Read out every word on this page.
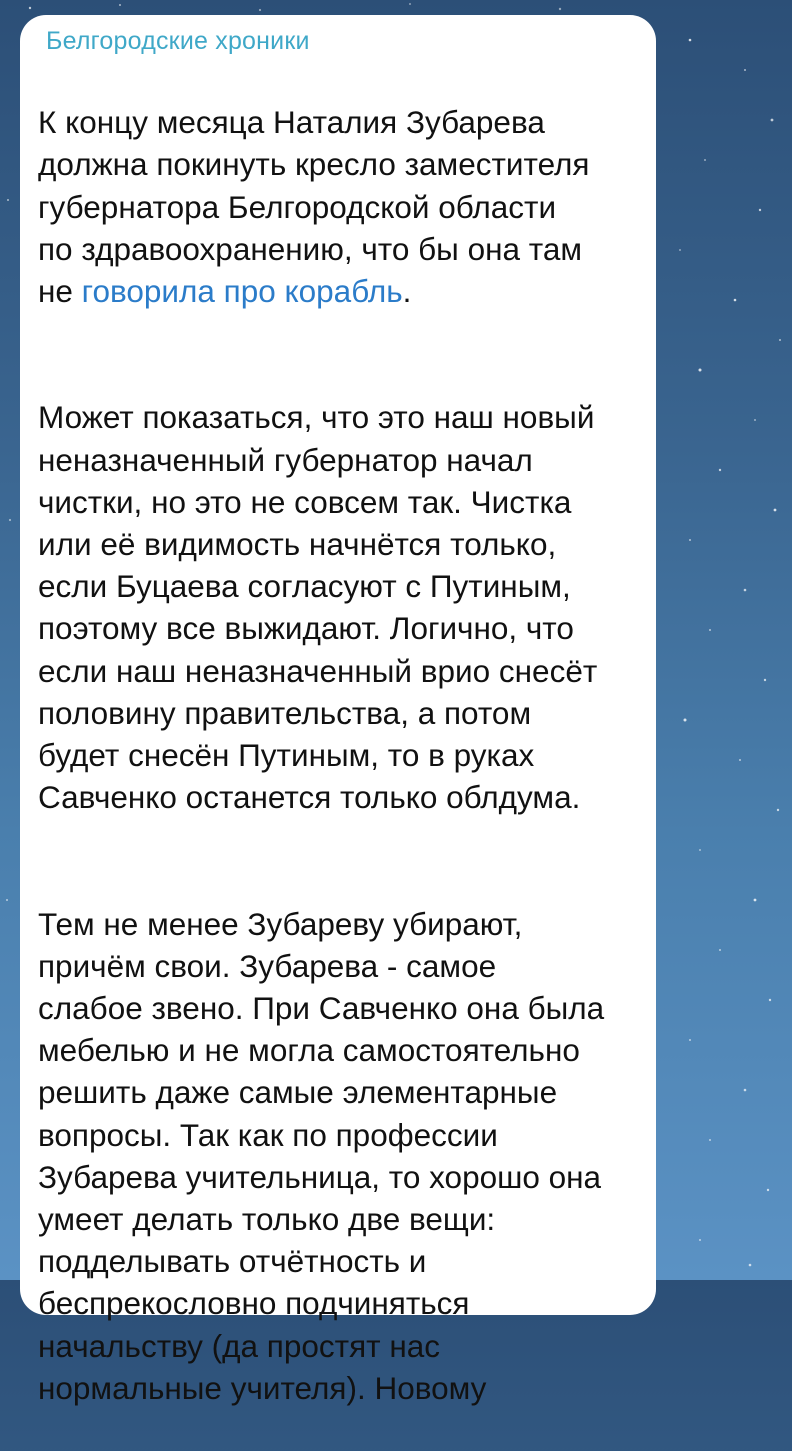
Белгородские хроники

К концу месяца Наталия Зубарева
должна покинуть кресло заместителя
губернатора Белгородской области
по здравоохранению, что бы она там
не говорила про корабль.

Может показаться, что это наш новый
неназначенный губернатор начал
чистки, но это не совсем так. Чистка
или её видимость начнётся только,
если Буцаева согласуют с Путиным,
поэтому все выжидают. Логично, что
если наш неназначенный врио снесёт
половину правительства, а потом
будет снесён Путиным, то в руках
Савченко останется только облдума.

Тем не менее Зубареву убирают,
причём свои. Зубарева - самое
слабое звено. При Савченко она была
мебелью и не могла самостоятельно
решить даже самые элементарные
вопросы. Так как по профессии
Зубарева учительница, то хорошо она
умеет делать только две вещи:
подделывать отчётность и
беспрекословно подчиняться
начальству (да простят нас
нормальные учителя). Новому
